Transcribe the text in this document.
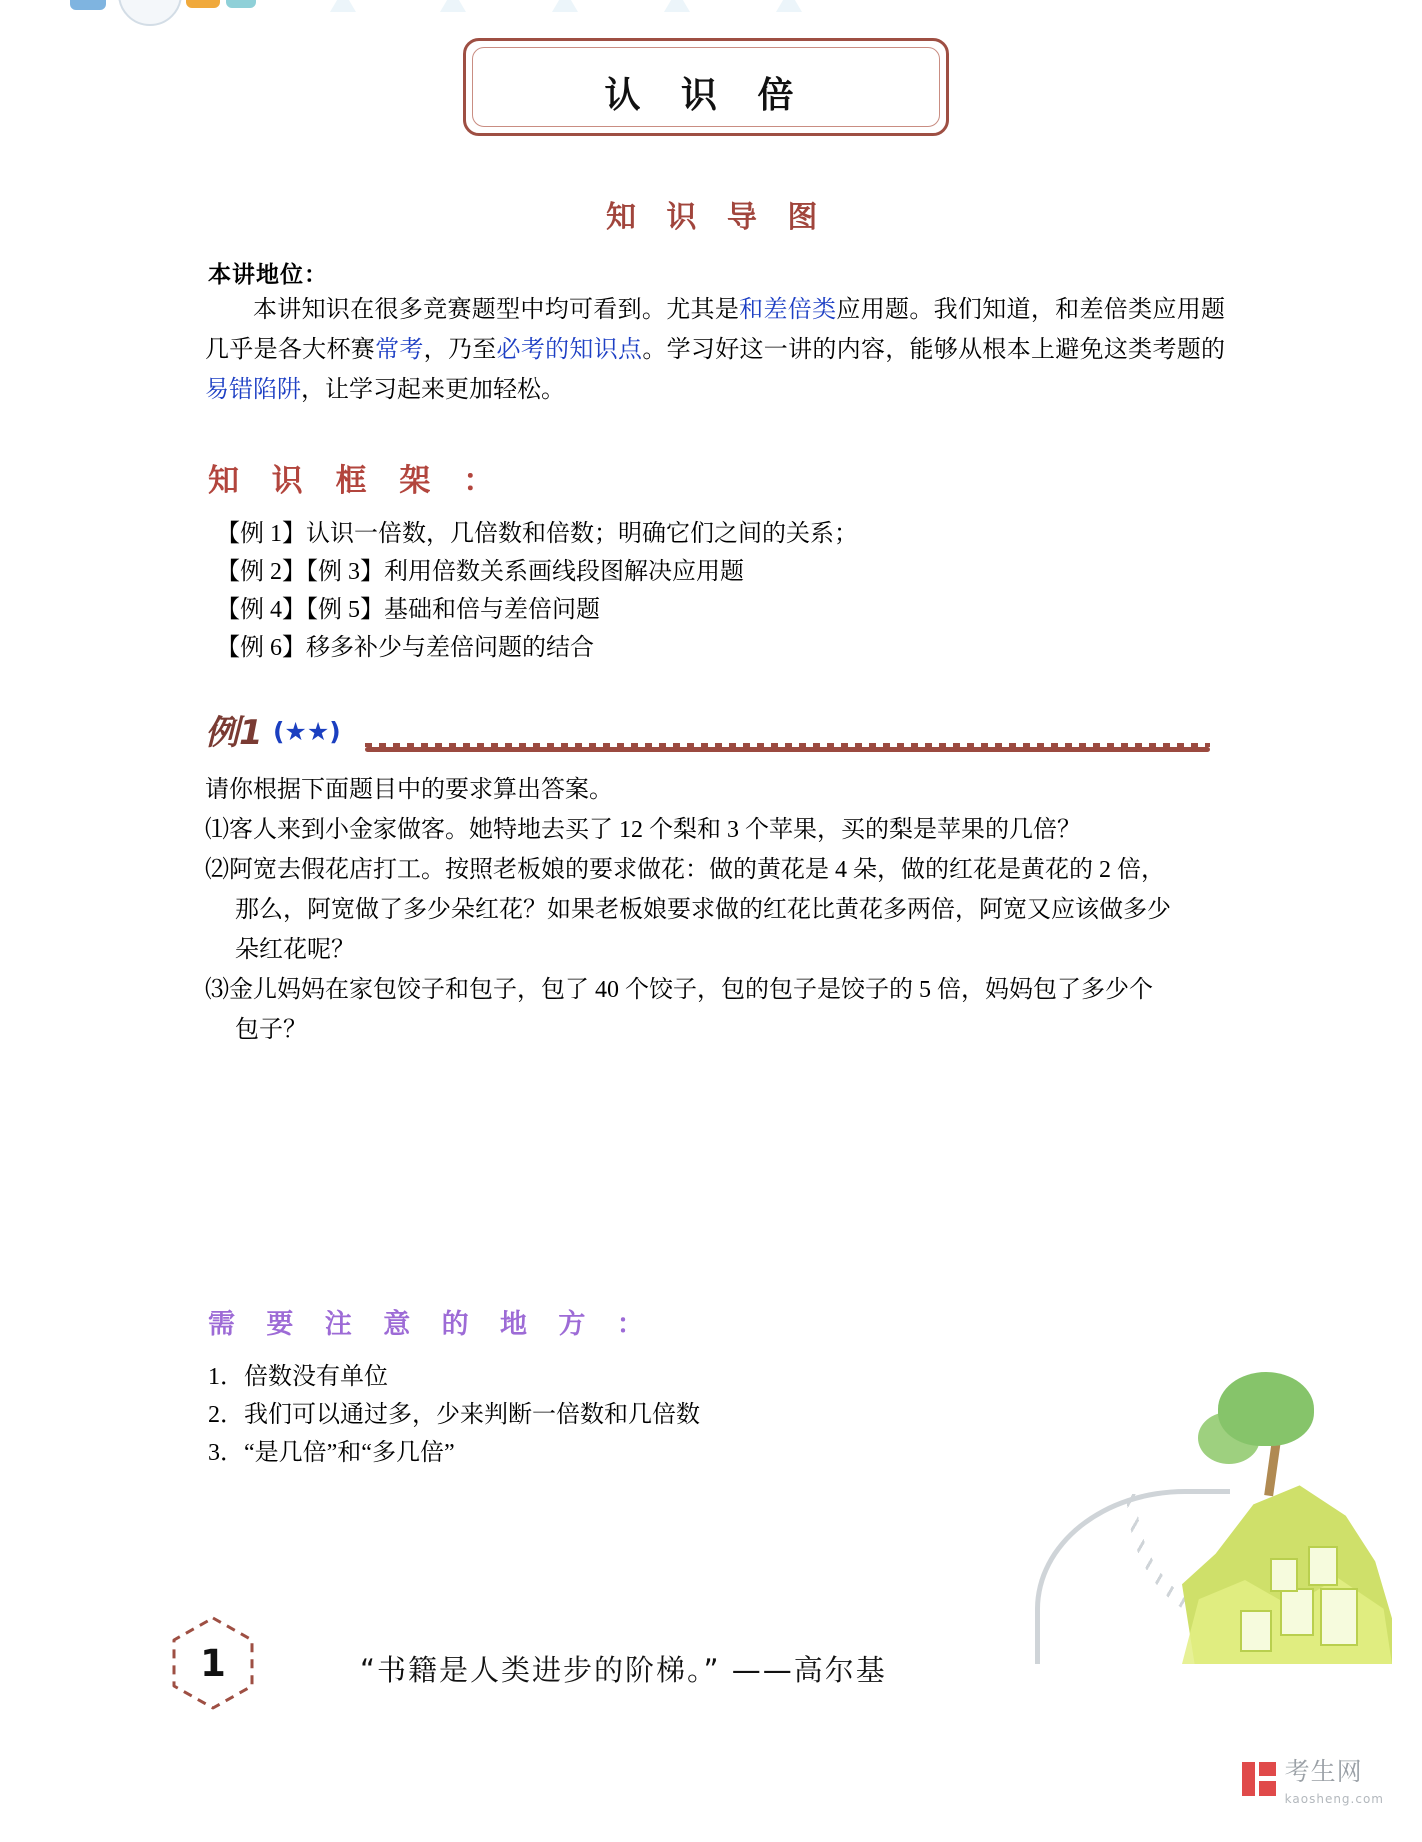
认 识 倍
知 识 导 图
本讲地位：
本讲知识在很多竞赛题型中均可看到。尤其是和差倍类应用题。我们知道，和差倍类应用题几乎是各大杯赛常考，乃至必考的知识点。学习好这一讲的内容，能够从根本上避免这类考题的易错陷阱，让学习起来更加轻松。
知 识 框 架 ：
【例 1】认识一倍数，几倍数和倍数；明确它们之间的关系；
【例 2】【例 3】利用倍数关系画线段图解决应用题
【例 4】【例 5】基础和倍与差倍问题
【例 6】移多补少与差倍问题的结合
例1 (★★)

请你根据下面题目中的要求算出答案。

⑴客人来到小金家做客。她特地去买了 12 个梨和 3 个苹果，买的梨是苹果的几倍？

⑵阿宽去假花店打工。按照老板娘的要求做花：做的黄花是 4 朵，做的红花是黄花的 2 倍，

那么，阿宽做了多少朵红花？如果老板娘要求做的红花比黄花多两倍，阿宽又应该做多少

朵红花呢？

⑶金儿妈妈在家包饺子和包子，包了 40 个饺子，包的包子是饺子的 5 倍，妈妈包了多少个

包子？

需 要 注 意 的 地 方 ：
1．倍数没有单位
2．我们可以通过多，少来判断一倍数和几倍数
3．“是几倍”和“多几倍”
1	“书籍是人类进步的阶梯。” ——高尔基
考生网
kaosheng.com
